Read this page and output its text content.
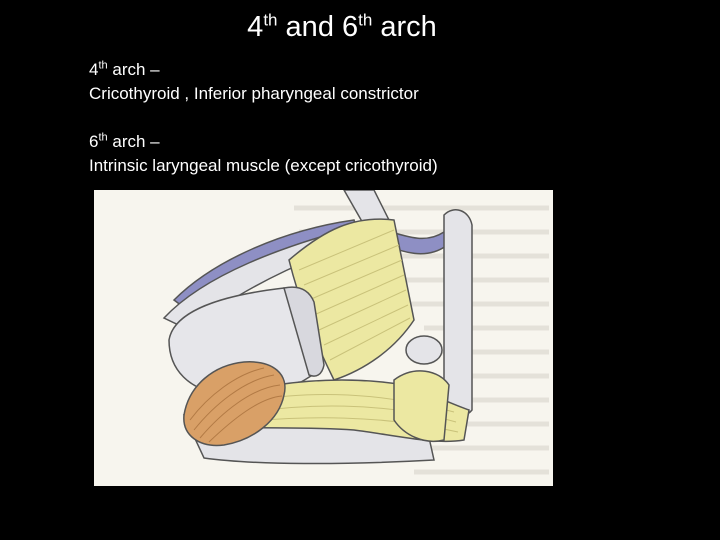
4th and 6th arch

4th arch –

Cricothyroid , Inferior pharyngeal constrictor

6th arch –

Intrinsic laryngeal muscle (except cricothyroid)
